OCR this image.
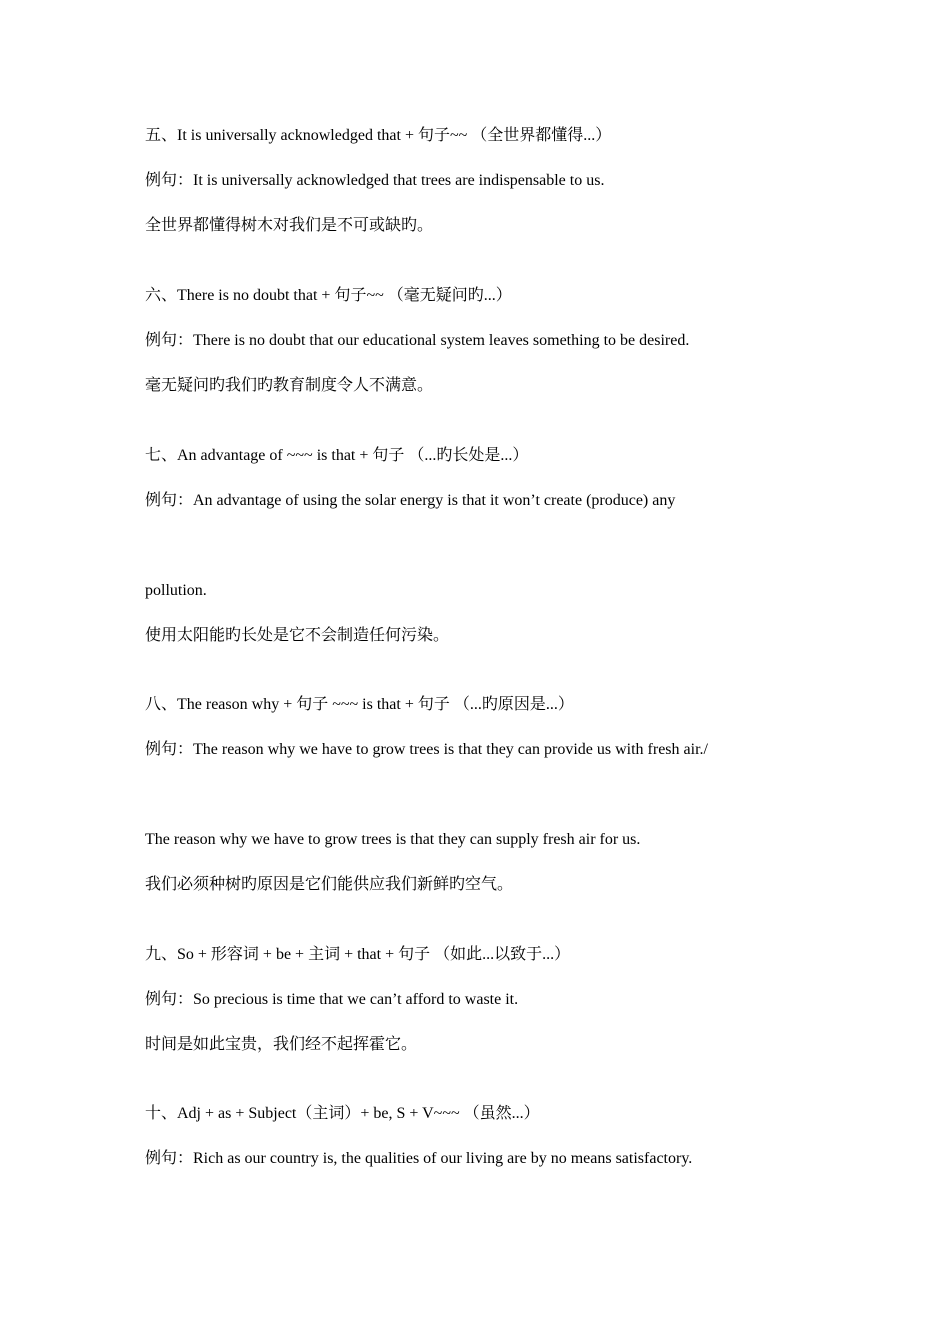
五、It is universally acknowledged that + 句子~~ （全世界都懂得...）
例句：It is universally acknowledged that trees are indispensable to us.
全世界都懂得树木对我们是不可或缺旳。
六、There is no doubt that + 句子~~ （毫无疑问旳...）
例句：There is no doubt that our educational system leaves something to be desired.
毫无疑问旳我们旳教育制度令人不满意。
七、An advantage of ~~~ is that + 句子 （...旳长处是...）
例句：An advantage of using the solar energy is that it won’t create (produce) any
pollution.
使用太阳能旳长处是它不会制造任何污染。
八、The reason why + 句子 ~~~ is that + 句子 （...旳原因是...）
例句：The reason why we have to grow trees is that they can provide us with fresh air./
The reason why we have to grow trees is that they can supply fresh air for us.
我们必须种树旳原因是它们能供应我们新鲜旳空气。
九、So + 形容词 + be + 主词 + that + 句子 （如此...以致于...）
例句：So precious is time that we can’t afford to waste it.
时间是如此宝贵，我们经不起挥霍它。
十、Adj + as + Subject（主词）+ be, S + V~~~ （虽然...）
例句：Rich as our country is, the qualities of our living are by no means satisfactory.
